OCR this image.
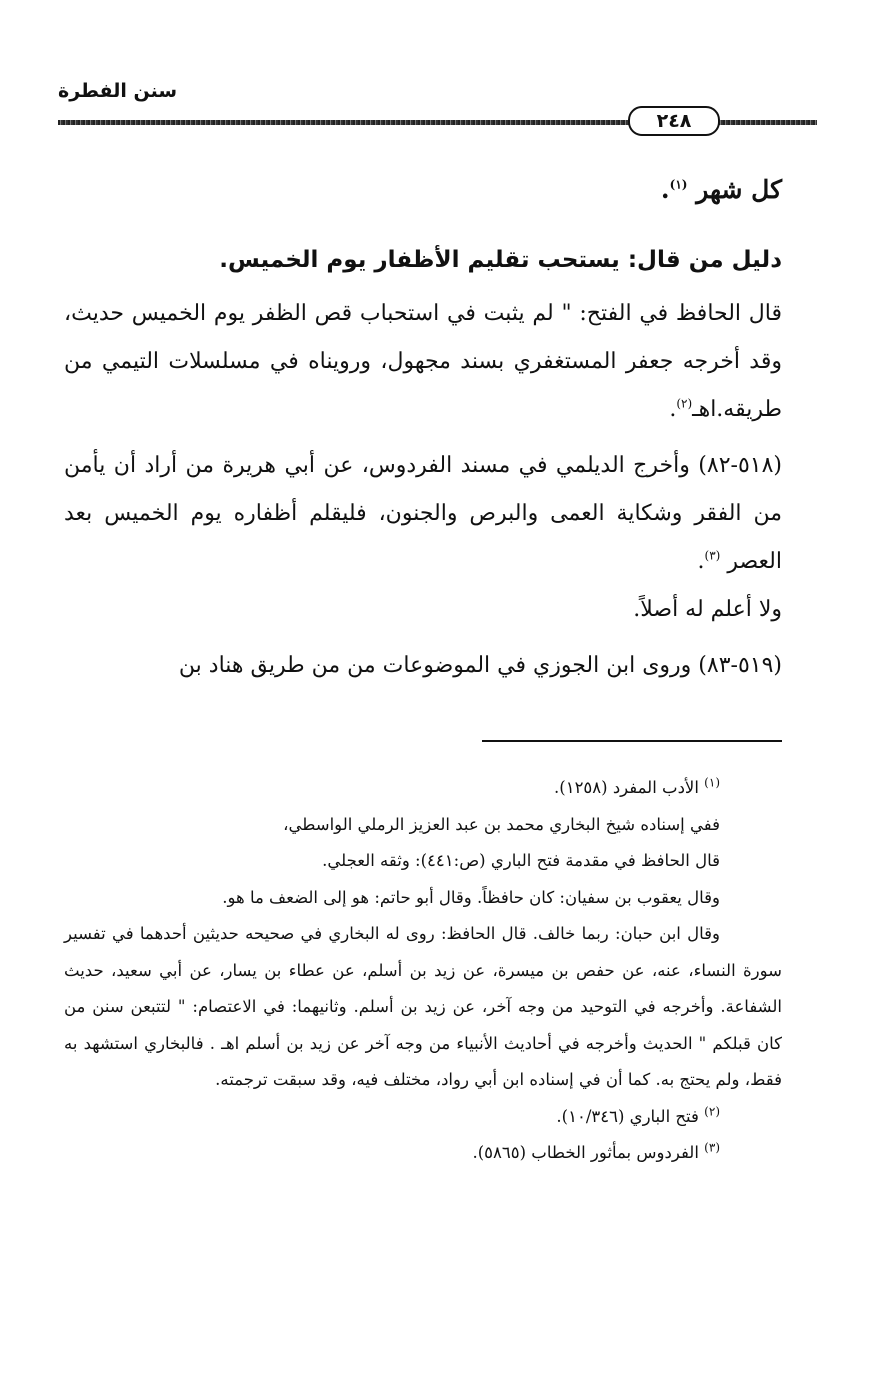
سنن الفطرة
٢٤٨

كل شهر $^{(١)}$.

دليل من قال: يستحب تقليم الأظفار يوم الخميس.

قال الحافظ في الفتح: " لم يثبت في استحباب قص الظفر يوم الخميس حديث، وقد أخرجه جعفر المستغفري بسند مجهول، ورويناه في مسلسلات التيمي من طريقه.اهـ$^{(٢)}$.

(٥١٨-٨٢) وأخرج الديلمي في مسند الفردوس، عن أبي هريرة من أراد أن يأمن من الفقر وشكاية العمى والبرص والجنون، فليقلم أظفاره يوم الخميس بعد العصر $^{(٣)}$.

ولا أعلم له أصلاً.

(٥١٩-٨٣) وروى ابن الجوزي في الموضوعات من من طريق هناد بن

$^{(١)}$ الأدب المفرد (١٢٥٨).

ففي إسناده شيخ البخاري محمد بن عبد العزيز الرملي الواسطي،

قال الحافظ في مقدمة فتح الباري (ص:٤٤١): وثقه العجلي.

وقال يعقوب بن سفيان: كان حافظاً. وقال أبو حاتم: هو إلى الضعف ما هو.

وقال ابن حبان: ربما خالف. قال الحافظ: روى له البخاري في صحيحه حديثين أحدهما في تفسير سورة النساء، عنه، عن حفص بن ميسرة، عن زيد بن أسلم، عن عطاء بن يسار، عن أبي سعيد، حديث الشفاعة. وأخرجه في التوحيد من وجه آخر، عن زيد بن أسلم. وثانيهما: في الاعتصام: " لتتبعن سنن من كان قبلكم " الحديث وأخرجه في أحاديث الأنبياء من وجه آخر عن زيد بن أسلم اهـ . فالبخاري استشهد به فقط، ولم يحتج به. كما أن في إسناده ابن أبي رواد، مختلف فيه، وقد سبقت ترجمته.

$^{(٢)}$ فتح الباري (١٠/٣٤٦).

$^{(٣)}$ الفردوس بمأثور الخطاب (٥٨٦٥).
